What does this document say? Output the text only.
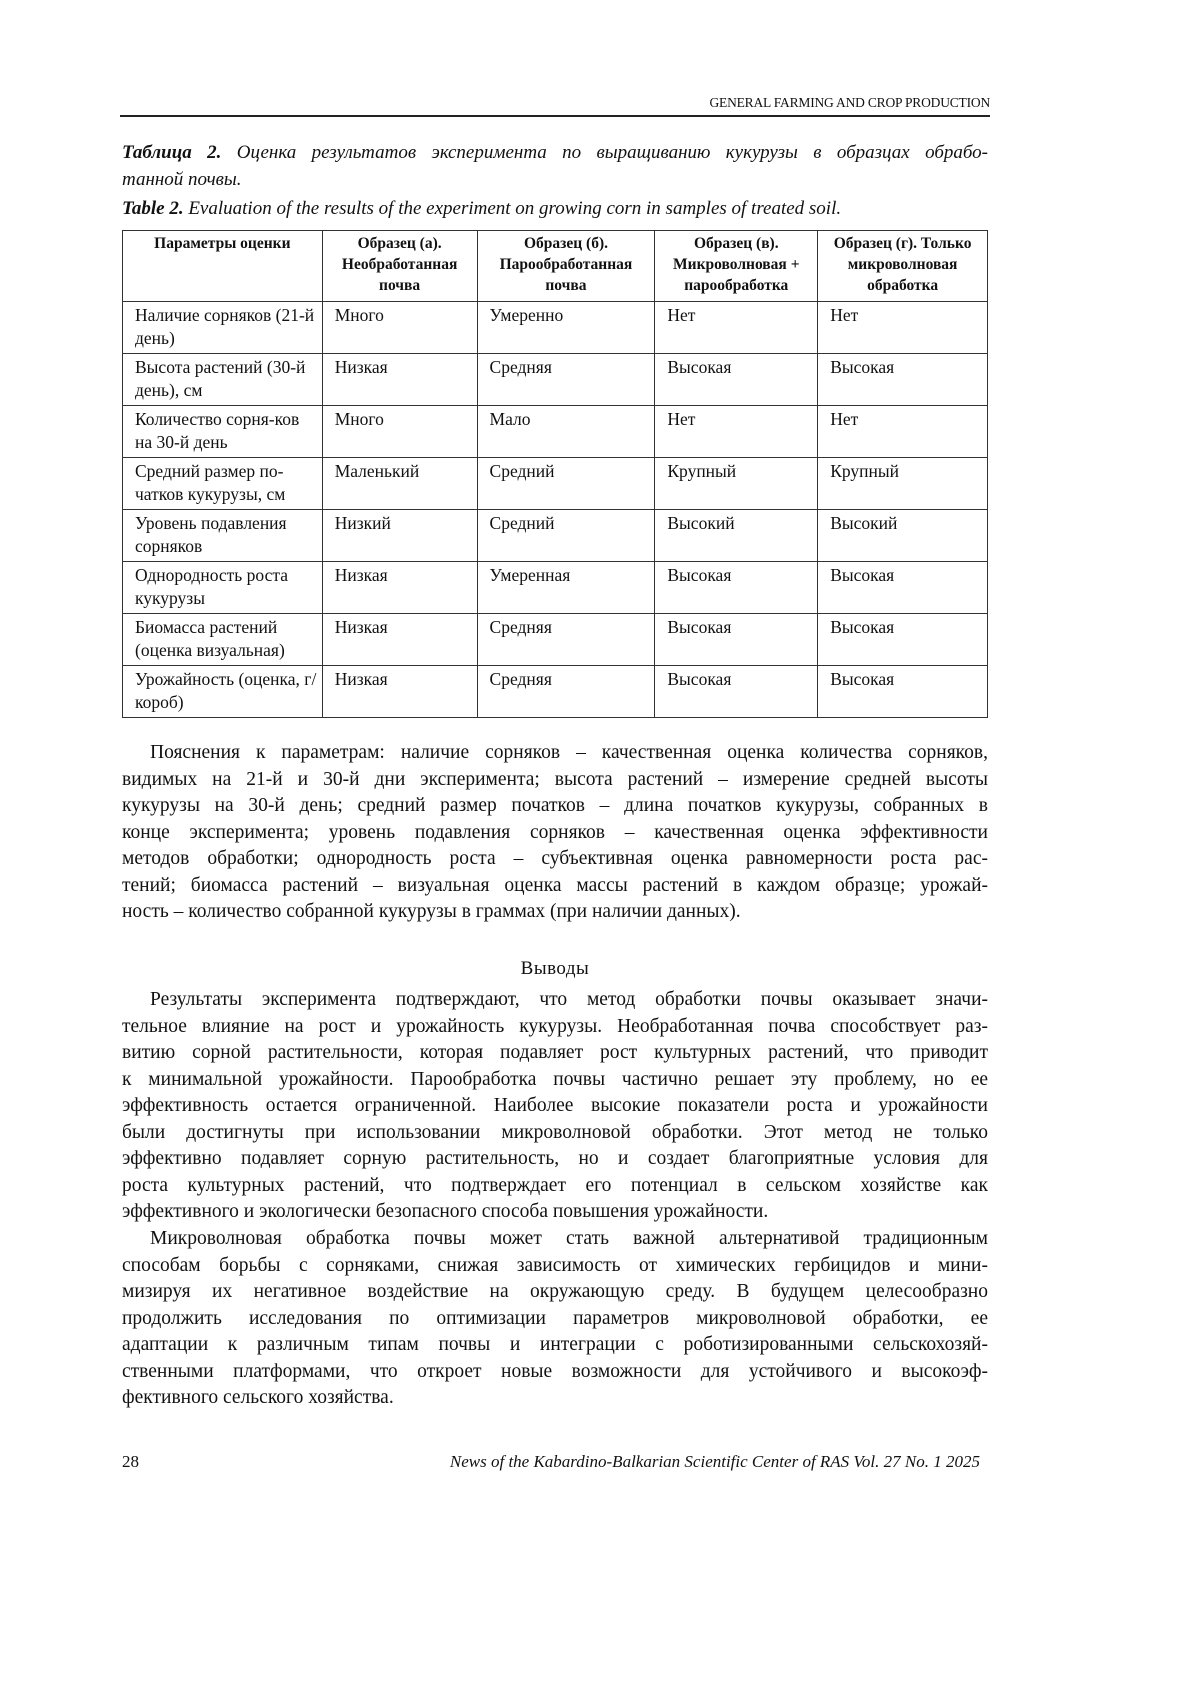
GENERAL FARMING AND CROP PRODUCTION
Таблица 2. Оценка результатов эксперимента по выращиванию кукурузы в образцах обрабо-
танной почвы.
Table 2. Evaluation of the results of the experiment on growing corn in samples of treated soil.
Параметры оценки	Образец (а). Необработанная почва	Образец (б). Парообработанная почва	Образец (в). Микроволновая + парообработка	Образец (г). Только микроволновая обработка
Наличие сорняков (21-й день)	Много	Умеренно	Нет	Нет
Высота растений (30-й день), см	Низкая	Средняя	Высокая	Высокая
Количество сорня-ков на 30-й день	Много	Мало	Нет	Нет
Средний размер по-чатков кукурузы, см	Маленький	Средний	Крупный	Крупный
Уровень подавления сорняков	Низкий	Средний	Высокий	Высокий
Однородность роста кукурузы	Низкая	Умеренная	Высокая	Высокая
Биомасса растений (оценка визуальная)	Низкая	Средняя	Высокая	Высокая
Урожайность (оценка, г/короб)	Низкая	Средняя	Высокая	Высокая
Пояснения к параметрам: наличие сорняков – качественная оценка количества сорняков,
видимых на 21-й и 30-й дни эксперимента; высота растений – измерение средней высоты
кукурузы на 30-й день; средний размер початков – длина початков кукурузы, собранных в
конце эксперимента; уровень подавления сорняков – качественная оценка эффективности
методов обработки; однородность роста – субъективная оценка равномерности роста рас-
тений; биомасса растений – визуальная оценка массы растений в каждом образце; урожай-
ность – количество собранной кукурузы в граммах (при наличии данных).
Выводы
Результаты эксперимента подтверждают, что метод обработки почвы оказывает значи-
тельное влияние на рост и урожайность кукурузы. Необработанная почва способствует раз-
витию сорной растительности, которая подавляет рост культурных растений, что приводит
к минимальной урожайности. Парообработка почвы частично решает эту проблему, но ее
эффективность остается ограниченной. Наиболее высокие показатели роста и урожайности
были достигнуты при использовании микроволновой обработки. Этот метод не только
эффективно подавляет сорную растительность, но и создает благоприятные условия для
роста культурных растений, что подтверждает его потенциал в сельском хозяйстве как
эффективного и экологически безопасного способа повышения урожайности.
Микроволновая обработка почвы может стать важной альтернативой традиционным
способам борьбы с сорняками, снижая зависимость от химических гербицидов и мини-
мизируя их негативное воздействие на окружающую среду. В будущем целесообразно
продолжить исследования по оптимизации параметров микроволновой обработки, ее
адаптации к различным типам почвы и интеграции с роботизированными сельскохозяй-
ственными платформами, что откроет новые возможности для устойчивого и высокоэф-
фективного сельского хозяйства.
28	News of the Kabardino-Balkarian Scientific Center of RAS Vol. 27 No. 1 2025
